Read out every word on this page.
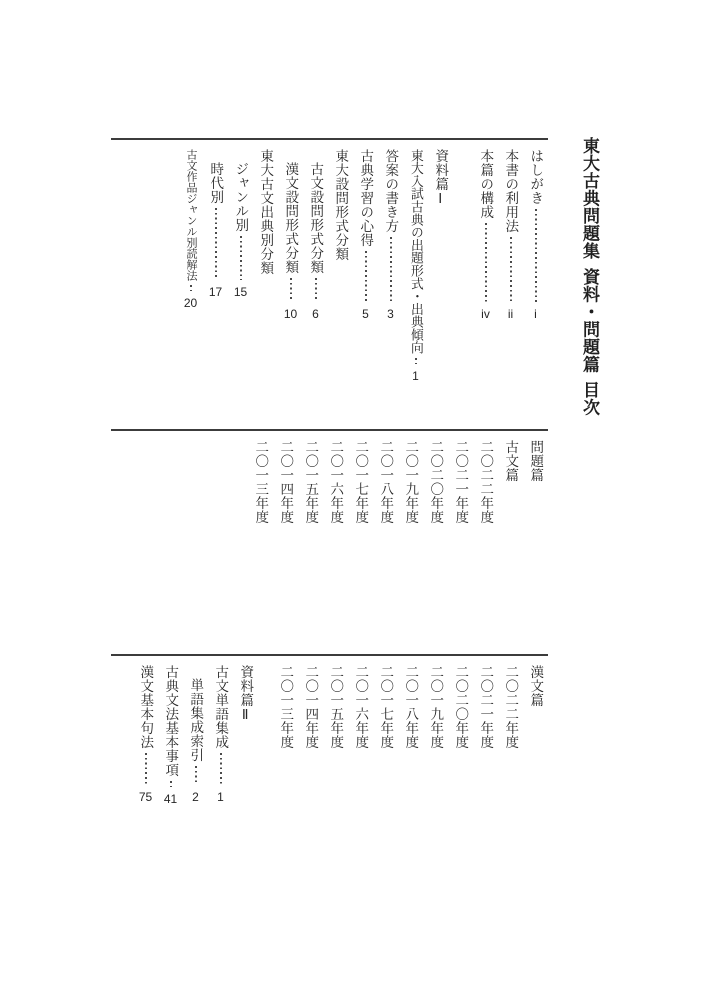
東大古典問題集
資料・問題篇
目次
はしがき
i
本書の利用法
ii
本篇の構成
iv
資料篇Ⅰ
東大入試古典の出題形式・出典傾向
1
答案の書き方
3
古典学習の心得
5
東大設問形式分類
古文設問形式分類
6
漢文設問形式分類
10
東大古文出典別分類
ジャンル別
15
時代別
17
古文作品ジャンル別読解法
20
問題篇
古文篇
二〇二二年度
二〇二一年度
二〇二〇年度
二〇一九年度
二〇一八年度
二〇一七年度
二〇一六年度
二〇一五年度
二〇一四年度
二〇一三年度
漢文篇
二〇二二年度
二〇二一年度
二〇二〇年度
二〇一九年度
二〇一八年度
二〇一七年度
二〇一六年度
二〇一五年度
二〇一四年度
二〇一三年度
資料篇Ⅱ
古文単語集成
1
単語集成索引
2
古典文法基本事項
41
漢文基本句法
75
